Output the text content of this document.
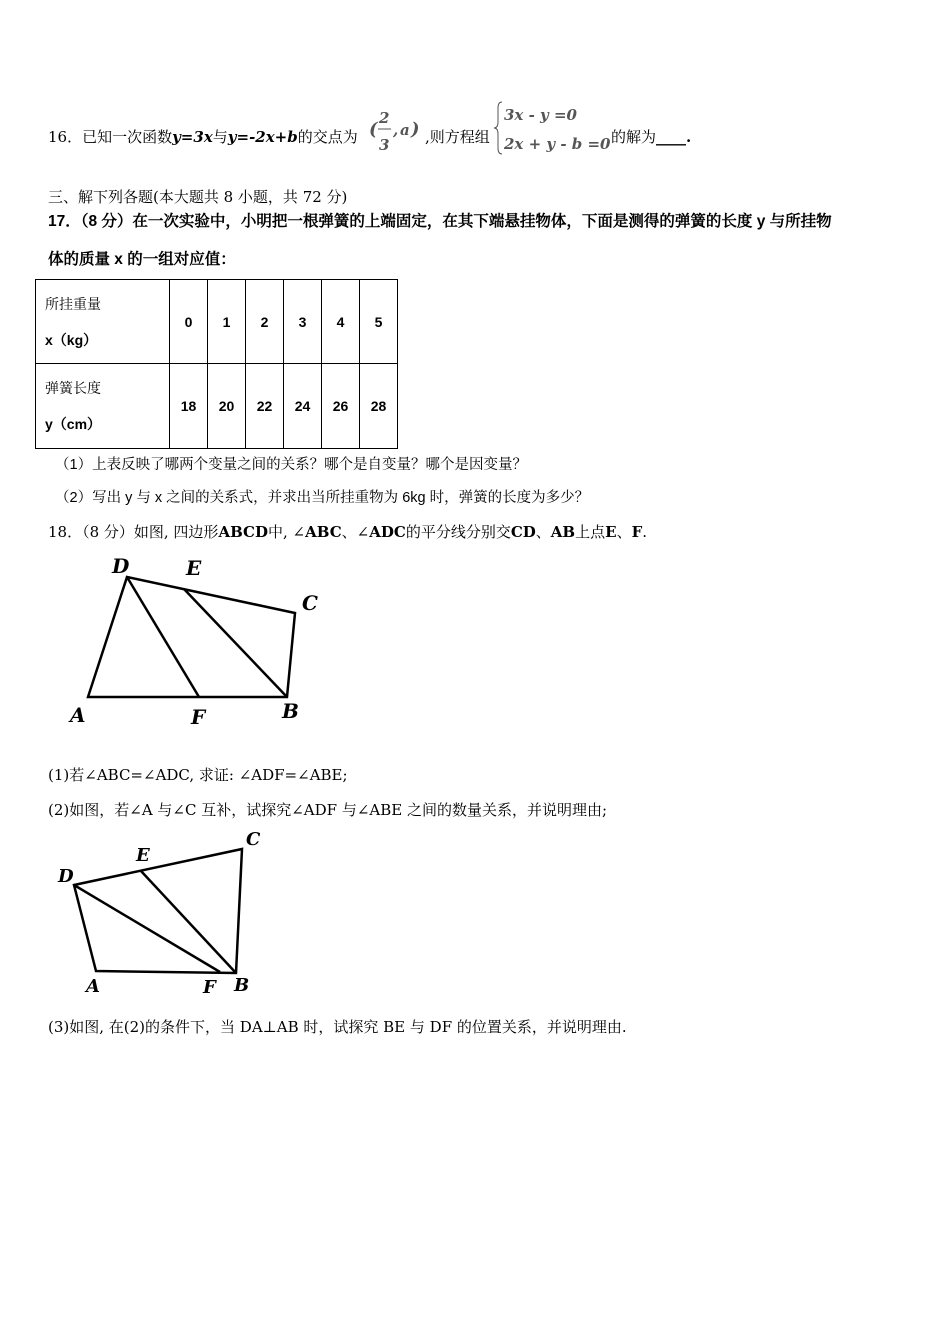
16．已知一次函数y=3x与y=-2x+b的交点为 (
2
3
, a ) ,则方程组
3x - y =0
2x + y - b =0 的解为____.
三、解下列各题(本大题共 8 小题，共 72 分)
17．（8 分）在一次实验中，小明把一根弹簧的上端固定，在其下端悬挂物体，下面是测得的弹簧的长度 y 与所挂物
体的质量 x 的一组对应值：
所挂重量
x（kg）	0	1	2	3	4	5

弹簧长度
y（cm）	18	20	22	24	26	28
（1）上表反映了哪两个变量之间的关系？哪个是自变量？哪个是因变量？
（2）写出 y 与 x 之间的关系式，并求出当所挂重物为 6kg 时，弹簧的长度为多少？
18．（8 分）如图, 四边形ABCD中, ∠ABC、∠ADC的平分线分别交CD、AB上点E、F.
D	E
C
A	F	B
(1)若∠ABC=∠ADC, 求证: ∠ADF=∠ABE;
(2)如图，若∠A 与∠C 互补，试探究∠ADF 与∠ABE 之间的数量关系，并说明理由;
D
E
C
A	F B
(3)如图, 在(2)的条件下，当 DA⊥AB 时，试探究 BE 与 DF 的位置关系，并说明理由.
